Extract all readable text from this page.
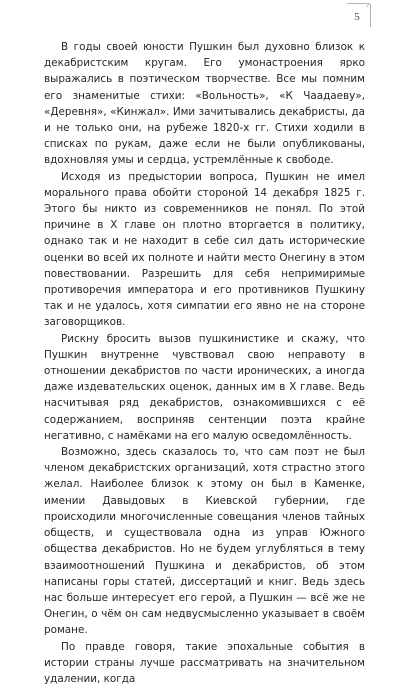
5

В годы своей юности Пушкин был духовно близок к декабристским кругам. Его умонастроения ярко выражались в поэтическом творчестве. Все мы помним его знаменитые стихи: «Вольность», «К Чаадаеву», «Деревня», «Кинжал». Ими зачитывались декабристы, да и не только они, на рубеже 1820-х гг. Стихи ходили в списках по рукам, даже если не были опубликованы, вдохновляя умы и сердца, устремлённые к свободе.

Исходя из предыстории вопроса, Пушкин не имел морального права обойти стороной 14 декабря 1825 г. Этого бы никто из современников не понял. По этой причине в X главе он плотно вторгается в политику, однако так и не находит в себе сил дать исторические оценки во всей их полноте и найти место Онегину в этом повествовании. Разрешить для себя непримиримые противоречия императора и его противников Пушкину так и не удалось, хотя симпатии его явно не на стороне заговорщиков.

Рискну бросить вызов пушкинистике и скажу, что Пушкин внутренне чувствовал свою неправоту в отношении декабристов по части иронических, а иногда даже издевательских оценок, данных им в X главе. Ведь насчитывая ряд декабристов, ознакомившихся с её содержанием, восприняв сентенции поэта крайне негативно, с намёками на его малую осведомлённость.

Возможно, здесь сказалось то, что сам поэт не был членом декабристских организаций, хотя страстно этого желал. Наиболее близок к этому он был в Каменке, имении Давыдовых в Киевской губернии, где происходили многочисленные совещания членов тайных обществ, и существовала одна из управ Южного общества декабристов. Но не будем углубляться в тему взаимоотношений Пушкина и декабристов, об этом написаны горы статей, диссертаций и книг. Ведь здесь нас больше интересует его герой, а Пушкин — всё же не Онегин, о чём он сам недвусмысленно указывает в своём романе.

По правде говоря, такие эпохальные события в истории страны лучше рассматривать на значительном удалении, когда
